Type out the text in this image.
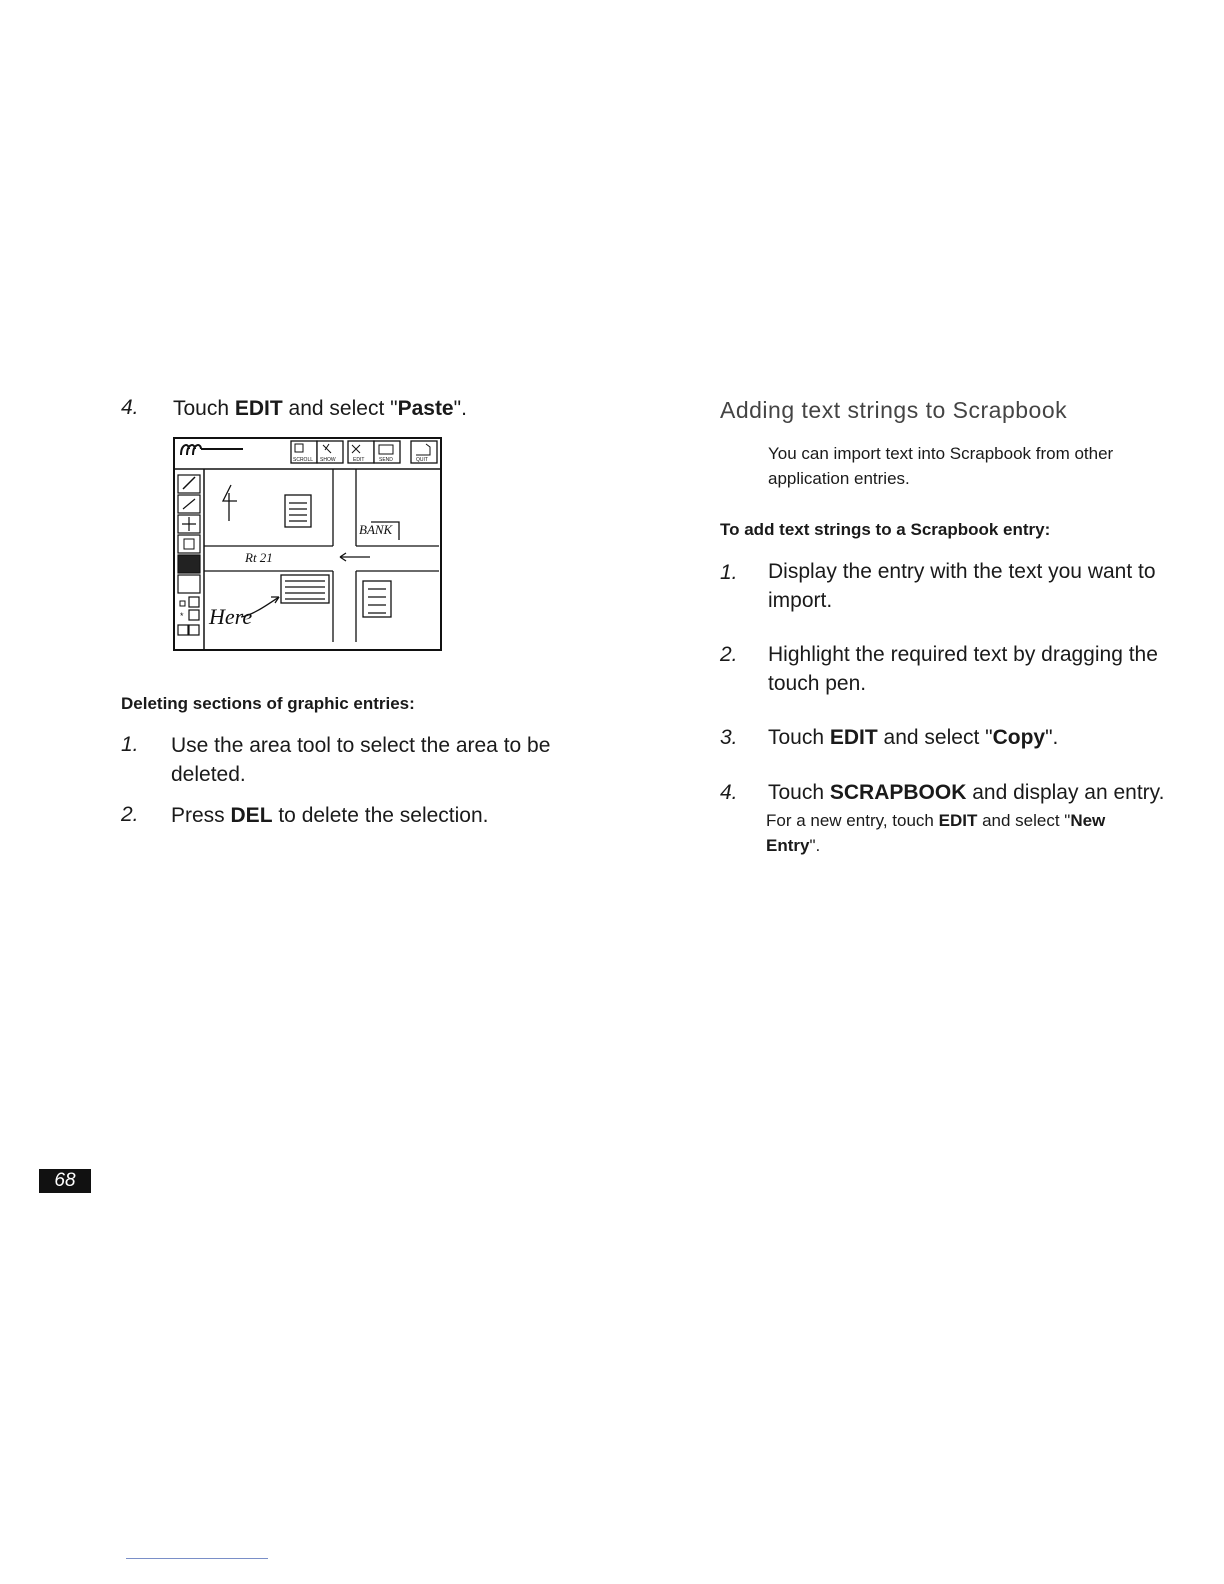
4. Touch EDIT and select "Paste".
SCROLL SHOW	EDIT	SEND	QUIT
*
BANK
Rt 21
Here
Deleting sections of graphic entries:
1. Use the area tool to select the area to be
deleted.
2. Press DEL to delete the selection.
Adding text strings to Scrapbook
You can import text into Scrapbook from other
application entries.
To add text strings to a Scrapbook entry:
1. Display the entry with the text you want to
import.
2. Highlight the required text by dragging the
touch pen.
3. Touch EDIT and select "Copy".
4. Touch SCRAPBOOK and display an entry.
For a new entry, touch EDIT and select "New
Entry".
68
